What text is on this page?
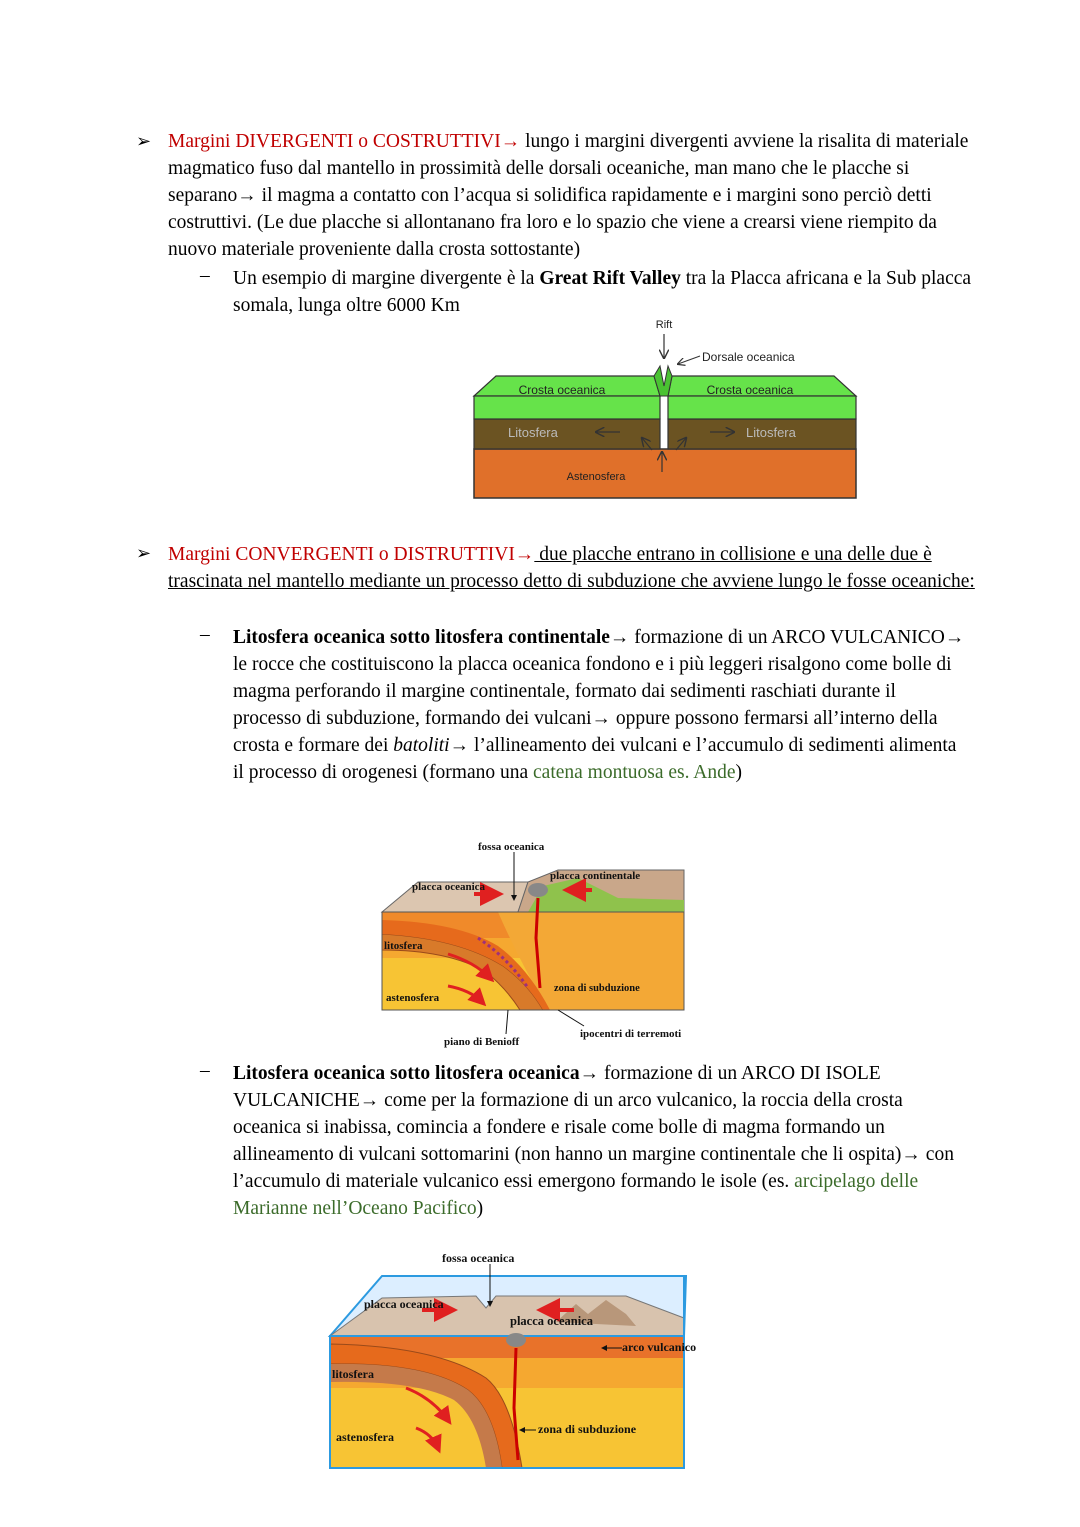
➢ Margini DIVERGENTI o COSTRUTTIVI→ lungo i margini divergenti avviene la risalita di materiale magmatico fuso dal mantello in prossimità delle dorsali oceaniche, man mano che le placche si separano→ il magma a contatto con l’acqua si solidifica rapidamente e i margini sono perciò detti costruttivi. (Le due placche si allontanano fra loro e lo spazio che viene a crearsi viene riempito da nuovo materiale proveniente dalla crosta sottostante)
– Un esempio di margine divergente è la Great Rift Valley tra la Placca africana e la Sub placca somala, lunga oltre 6000 Km
Rift
Dorsale oceanica
Crosta oceanica	Crosta oceanica
Litosfera	Litosfera
Astenosfera
➢ Margini CONVERGENTI o DISTRUTTIVI→ due placche entrano in collisione e una delle due è trascinata nel mantello mediante un processo detto di subduzione che avviene lungo le fosse oceaniche:
– Litosfera oceanica sotto litosfera continentale→ formazione di un ARCO VULCANICO→ le rocce che costituiscono la placca oceanica fondono e i più leggeri risalgono come bolle di magma perforando il margine continentale, formato dai sedimenti raschiati durante il processo di subduzione, formando dei vulcani→ oppure possono fermarsi all’interno della crosta e formare dei batoliti→ l’allineamento dei vulcani e l’accumulo di sedimenti alimenta il processo di orogenesi (formano una catena montuosa es. Ande)
fossa oceanica
placca continentale
placca oceanica
litosfera
astenosfera
zona di subduzione
ipocentri di terremoti
piano di Benioff
– Litosfera oceanica sotto litosfera oceanica→ formazione di un ARCO DI ISOLE VULCANICHE→ come per la formazione di un arco vulcanico, la roccia della crosta oceanica si inabissa, comincia a fondere e risale come bolle di magma formando un allineamento di vulcani sottomarini (non hanno un margine continentale che li ospita)→ con l’accumulo di materiale vulcanico essi emergono formando le isole (es. arcipelago delle Marianne nell’Oceano Pacifico)
fossa oceanica
placca oceanica
placca oceanica
arco vulcanico
litosfera
astenosfera
zona di subduzione
